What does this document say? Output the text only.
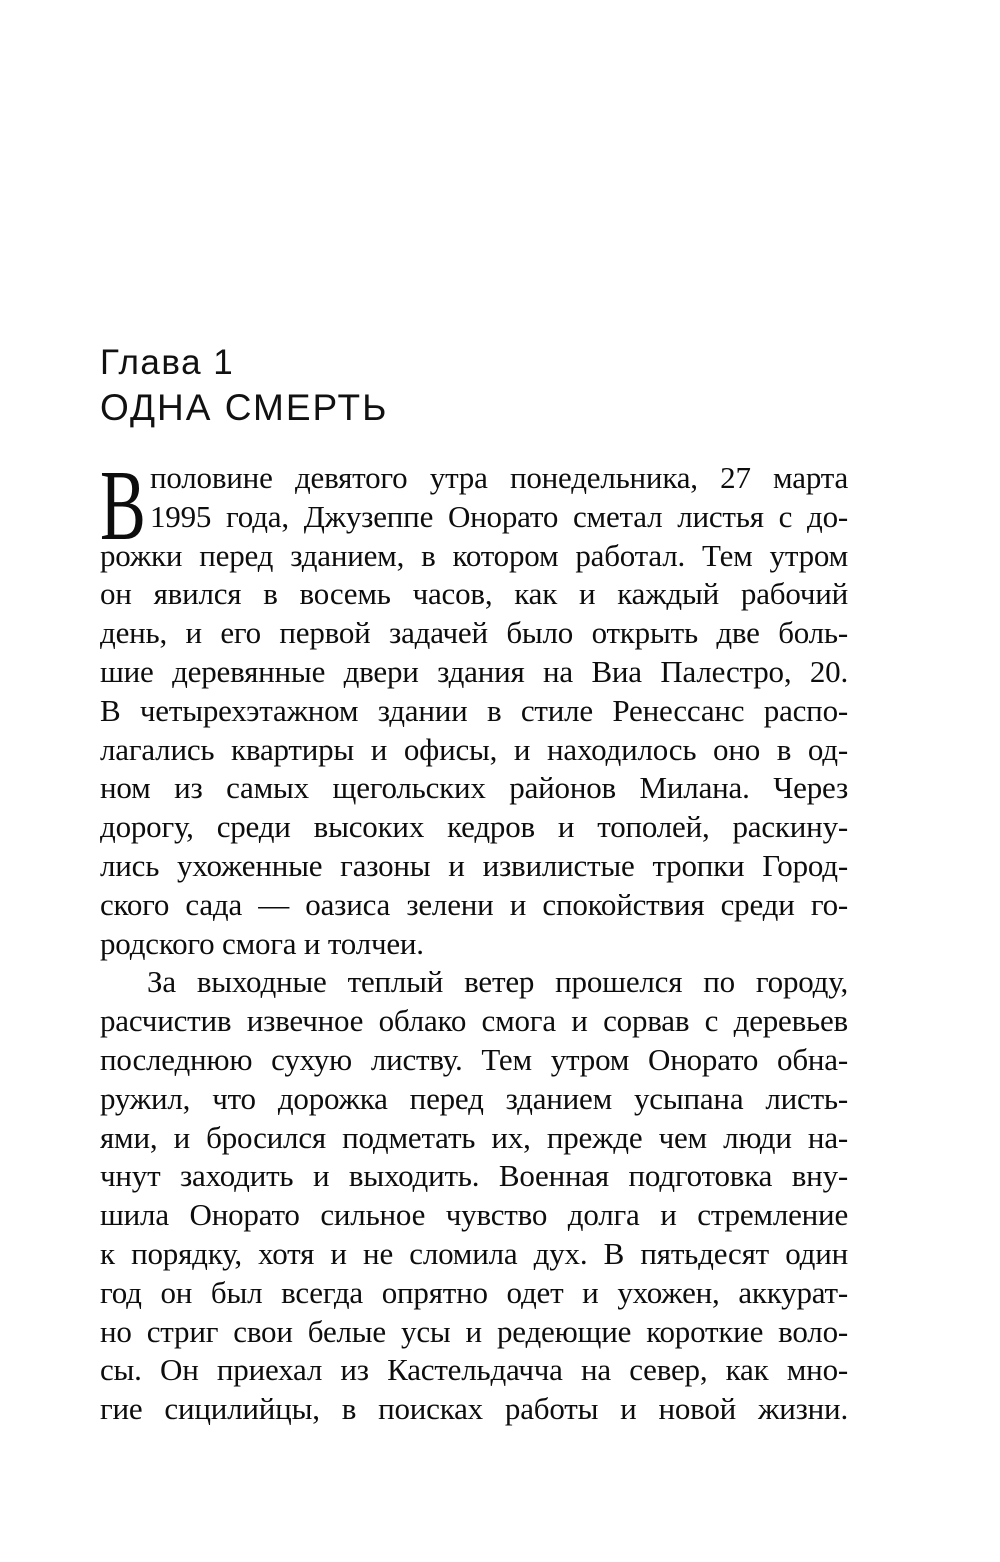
Глава 1
ОДНА СМЕРТЬ
В половине девятого утра понедельника, 27 марта
1995 года, Джузеппе Онорато сметал листья с до-
рожки перед зданием, в котором работал. Тем утром
он явился в восемь часов, как и каждый рабочий
день, и его первой задачей было открыть две боль-
шие деревянные двери здания на Виа Палестро, 20.
В четырехэтажном здании в стиле Ренессанс распо-
лагались квартиры и офисы, и находилось оно в од-
ном из самых щегольских районов Милана. Через
дорогу, среди высоких кедров и тополей, раскину-
лись ухоженные газоны и извилистые тропки Город-
ского сада — оазиса зелени и спокойствия среди го-
родского смога и толчеи.
За выходные теплый ветер прошелся по городу,
расчистив извечное облако смога и сорвав с деревьев
последнюю сухую листву. Тем утром Онорато обна-
ружил, что дорожка перед зданием усыпана листь-
ями, и бросился подметать их, прежде чем люди на-
чнут заходить и выходить. Военная подготовка вну-
шила Онорато сильное чувство долга и стремление
к порядку, хотя и не сломила дух. В пятьдесят один
год он был всегда опрятно одет и ухожен, аккурат-
но стриг свои белые усы и редеющие короткие воло-
сы. Он приехал из Кастельдачча на север, как мно-
гие сицилийцы, в поисках работы и новой жизни.
